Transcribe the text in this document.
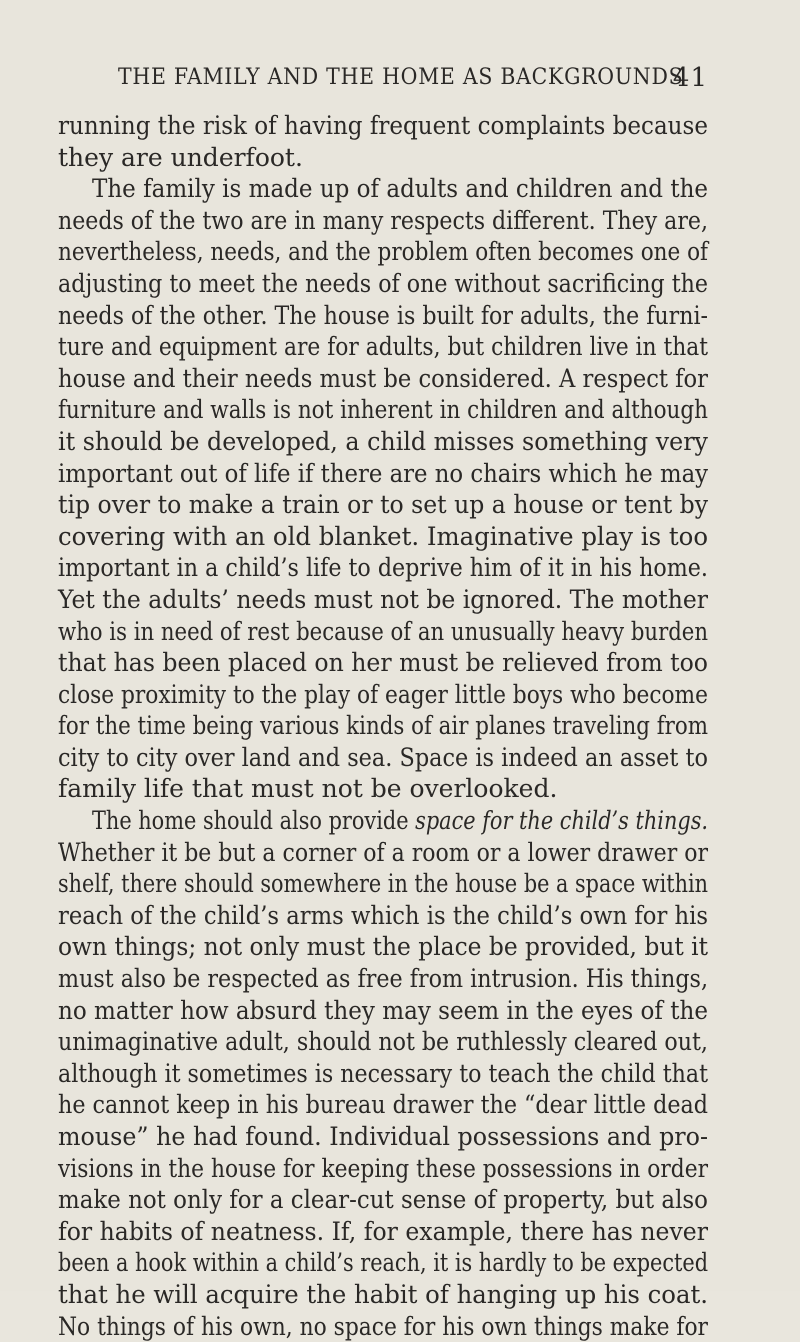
THE FAMILY AND THE HOME AS BACKGROUNDS
41
running the risk of having frequent complaints because
they are underfoot.
The family is made up of adults and children and the
needs of the two are in many respects different. They are,
nevertheless, needs, and the problem often becomes one of
adjusting to meet the needs of one without sacrificing the
needs of the other. The house is built for adults, the furni-
ture and equipment are for adults, but children live in that
house and their needs must be considered. A respect for
furniture and walls is not inherent in children and although
it should be developed, a child misses something very
important out of life if there are no chairs which he may
tip over to make a train or to set up a house or tent by
covering with an old blanket. Imaginative play is too
important in a child’s life to deprive him of it in his home.
Yet the adults’ needs must not be ignored. The mother
who is in need of rest because of an unusually heavy burden
that has been placed on her must be relieved from too
close proximity to the play of eager little boys who become
for the time being various kinds of air planes traveling from
city to city over land and sea. Space is indeed an asset to
family life that must not be overlooked.
The home should also provide space for the child’s things.
Whether it be but a corner of a room or a lower drawer or
shelf, there should somewhere in the house be a space within
reach of the child’s arms which is the child’s own for his
own things; not only must the place be provided, but it
must also be respected as free from intrusion. His things,
no matter how absurd they may seem in the eyes of the
unimaginative adult, should not be ruthlessly cleared out,
although it sometimes is necessary to teach the child that
he cannot keep in his bureau drawer the “dear little dead
mouse” he had found. Individual possessions and pro-
visions in the house for keeping these possessions in order
make not only for a clear-cut sense of property, but also
for habits of neatness. If, for example, there has never
been a hook within a child’s reach, it is hardly to be expected
that he will acquire the habit of hanging up his coat.
No things of his own, no space for his own things make for
